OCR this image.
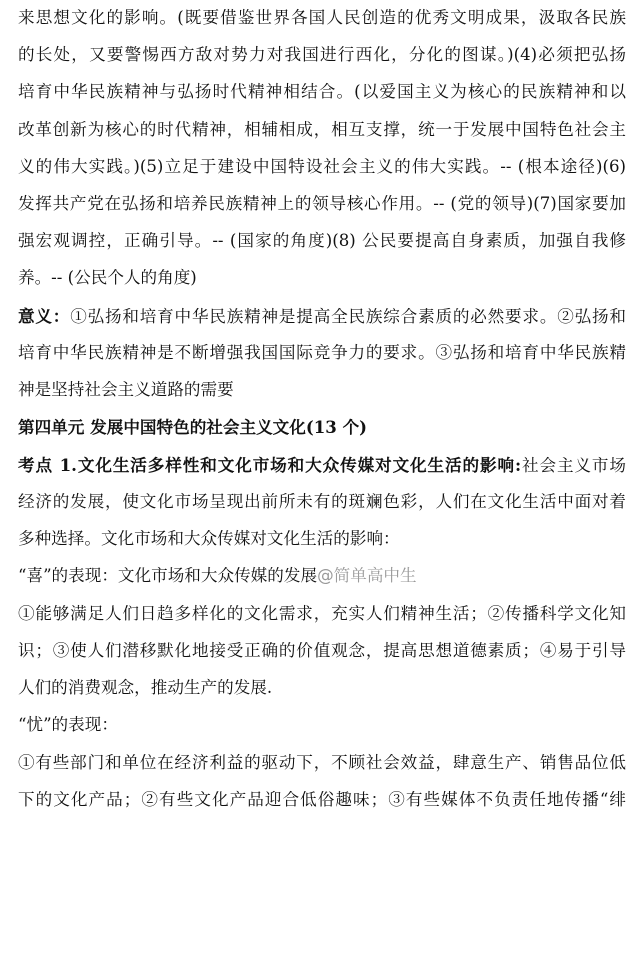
来思想文化的影响。(既要借鉴世界各国人民创造的优秀文明成果，汲取各民族
的长处，又要警惕西方敌对势力对我国进行西化，分化的图谋。)(4)必须把弘扬
培育中华民族精神与弘扬时代精神相结合。(以爱国主义为核心的民族精神和以
改革创新为核心的时代精神，相辅相成，相互支撑，统一于发展中国特色社会主
义的伟大实践。)(5)立足于建设中国特设社会主义的伟大实践。-- (根本途径)(6)
发挥共产党在弘扬和培养民族精神上的领导核心作用。-- (党的领导)(7)国家要加
强宏观调控，正确引导。-- (国家的角度)(8) 公民要提高自身素质，加强自我修
养。-- (公民个人的角度)
意义：①弘扬和培育中华民族精神是提高全民族综合素质的必然要求。②弘扬和
培育中华民族精神是不断增强我国国际竞争力的要求。③弘扬和培育中华民族精
神是坚持社会主义道路的需要
第四单元 发展中国特色的社会主义文化(13 个)
考点 1.文化生活多样性和文化市场和大众传媒对文化生活的影响:社会主义市场
经济的发展，使文化市场呈现出前所未有的斑斓色彩，人们在文化生活中面对着
多种选择。文化市场和大众传媒对文化生活的影响：
“喜”的表现：文化市场和大众传媒的发展@简单高中生
①能够满足人们日趋多样化的文化需求，充实人们精神生活；②传播科学文化知
识；③使人们潜移默化地接受正确的价值观念，提高思想道德素质；④易于引导
人们的消费观念，推动生产的发展.
“忧”的表现：
①有些部门和单位在经济利益的驱动下，不顾社会效益，肆意生产、销售品位低
下的文化产品；②有些文化产品迎合低俗趣味；③有些媒体不负责任地传播“绯
